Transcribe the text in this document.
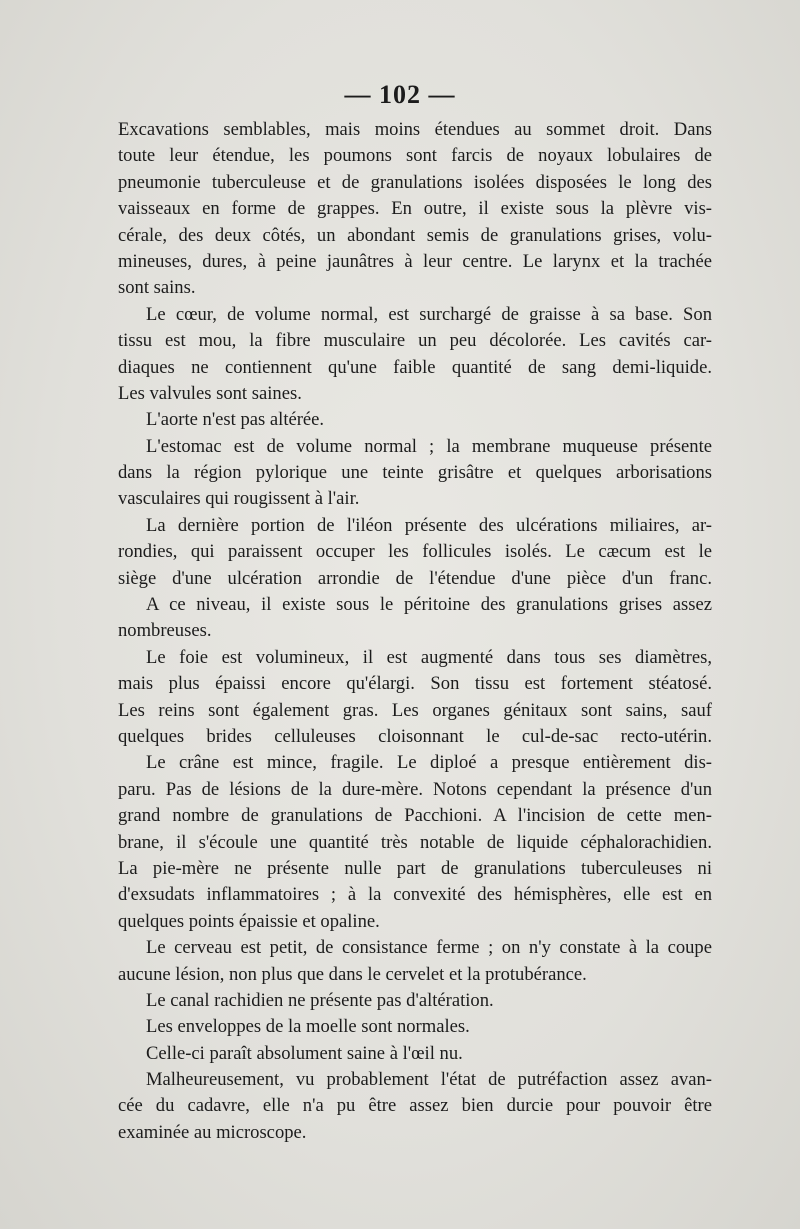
— 102 —
Excavations semblables, mais moins étendues au sommet droit. Dans
toute leur étendue, les poumons sont farcis de noyaux lobulaires de
pneumonie tuberculeuse et de granulations isolées disposées le long des
vaisseaux en forme de grappes. En outre, il existe sous la plèvre vis-
cérale, des deux côtés, un abondant semis de granulations grises, volu-
mineuses, dures, à peine jaunâtres à leur centre. Le larynx et la trachée
sont sains.
Le cœur, de volume normal, est surchargé de graisse à sa base. Son
tissu est mou, la fibre musculaire un peu décolorée. Les cavités car-
diaques ne contiennent qu'une faible quantité de sang demi-liquide.
Les valvules sont saines.
L'aorte n'est pas altérée.
L'estomac est de volume normal ; la membrane muqueuse présente
dans la région pylorique une teinte grisâtre et quelques arborisations
vasculaires qui rougissent à l'air.
La dernière portion de l'iléon présente des ulcérations miliaires, ar-
rondies, qui paraissent occuper les follicules isolés. Le cæcum est le
siège d'une ulcération arrondie de l'étendue d'une pièce d'un franc.
A ce niveau, il existe sous le péritoine des granulations grises assez
nombreuses.
Le foie est volumineux, il est augmenté dans tous ses diamètres,
mais plus épaissi encore qu'élargi. Son tissu est fortement stéatosé.
Les reins sont également gras. Les organes génitaux sont sains, sauf
quelques brides celluleuses cloisonnant le cul-de-sac recto-utérin.
Le crâne est mince, fragile. Le diploé a presque entièrement dis-
paru. Pas de lésions de la dure-mère. Notons cependant la présence d'un
grand nombre de granulations de Pacchioni. A l'incision de cette men-
brane, il s'écoule une quantité très notable de liquide céphalorachidien.
La pie-mère ne présente nulle part de granulations tuberculeuses ni
d'exsudats inflammatoires ; à la convexité des hémisphères, elle est en
quelques points épaissie et opaline.
Le cerveau est petit, de consistance ferme ; on n'y constate à la coupe
aucune lésion, non plus que dans le cervelet et la protubérance.
Le canal rachidien ne présente pas d'altération.
Les enveloppes de la moelle sont normales.
Celle-ci paraît absolument saine à l'œil nu.
Malheureusement, vu probablement l'état de putréfaction assez avan-
cée du cadavre, elle n'a pu être assez bien durcie pour pouvoir être
examinée au microscope.
